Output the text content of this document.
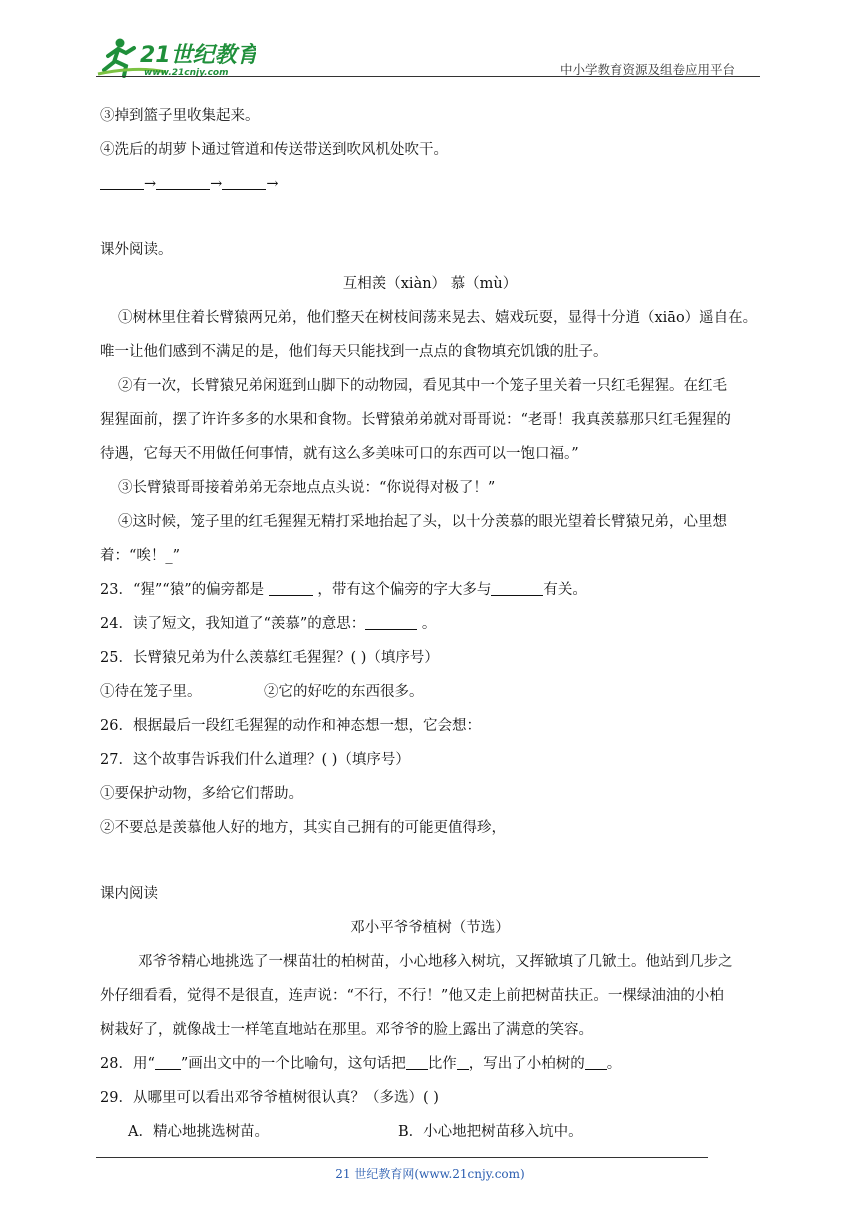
21世纪教育
www.21cnjy.com	中小学教育资源及组卷应用平台
③掉到篮子里收集起来。
④洗后的胡萝卜通过管道和传送带送到吹风机处吹干。
→	→	→
课外阅读。
互相羡（xiàn） 慕（mù）
①树林里住着长臂猿两兄弟，他们整天在树枝间荡来晃去、嬉戏玩耍，显得十分逍（xiāo）遥自在。
唯一让他们感到不满足的是，他们每天只能找到一点点的食物填充饥饿的肚子。
②有一次，长臂猿兄弟闲逛到山脚下的动物园，看见其中一个笼子里关着一只红毛猩猩。在红毛
猩猩面前，摆了许许多多的水果和食物。长臂猿弟弟就对哥哥说：“老哥！我真羡慕那只红毛猩猩的
待遇，它每天不用做任何事情，就有这么多美味可口的东西可以一饱口福。”
③长臂猿哥哥接着弟弟无奈地点点头说：“你说得对极了！”
④这时候，笼子里的红毛猩猩无精打采地抬起了头，以十分羡慕的眼光望着长臂猿兄弟，心里想
着：“唉！_”
23．“猩”“猿”的偏旁都是	，带有这个偏旁的字大多与	有关。
24．读了短文，我知道了“羡慕”的意思：	。
25．长臂猿兄弟为什么羡慕红毛猩猩？( )（填序号）
①待在笼子里。	②它的好吃的东西很多。
26．根据最后一段红毛猩猩的动作和神态想一想，它会想：
27．这个故事告诉我们什么道理？( )（填序号）
①要保护动物，多给它们帮助。
②不要总是羡慕他人好的地方，其实自己拥有的可能更值得珍，
课内阅读
邓小平爷爷植树（节选）
邓爷爷精心地挑选了一棵苗壮的柏树苗，小心地移入树坑，又挥锨填了几锨土。他站到几步之
外仔细看看，觉得不是很直，连声说：“不行，不行！”他又走上前把树苗扶正。一棵绿油油的小柏
树栽好了，就像战士一样笔直地站在那里。邓爷爷的脸上露出了满意的笑容。
28．用“ ”画出文中的一个比喻句，这句话把 比作 ，写出了小柏树的 。
29．从哪里可以看出邓爷爷植树很认真？（多选）( )
A．精心地挑选树苗。	B．小心地把树苗移入坑中。
21 世纪教育网(www.21cnjy.com)
